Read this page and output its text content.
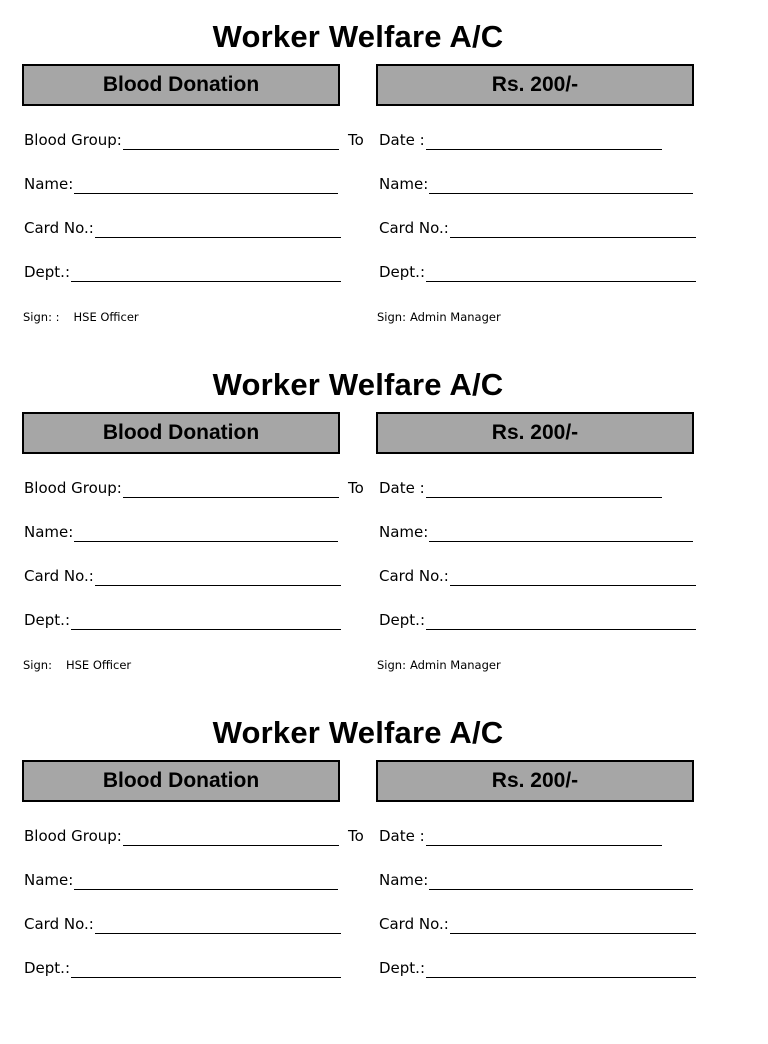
Worker Welfare A/C
Blood Donation	Rs. 200/-
Blood Group:	To Date :
Name:	Name:
Card No.:	Card No.:
Dept.:	Dept.:
Sign: : HSE Officer	Sign: Admin Manager
Worker Welfare A/C
Blood Donation	Rs. 200/-
Blood Group:	To Date :
Name:	Name:
Card No.:	Card No.:
Dept.:	Dept.:
Sign: HSE Officer	Sign: Admin Manager
Worker Welfare A/C
Blood Donation	Rs. 200/-
Blood Group:	To Date :
Name:	Name:
Card No.:	Card No.:
Dept.:	Dept.:
